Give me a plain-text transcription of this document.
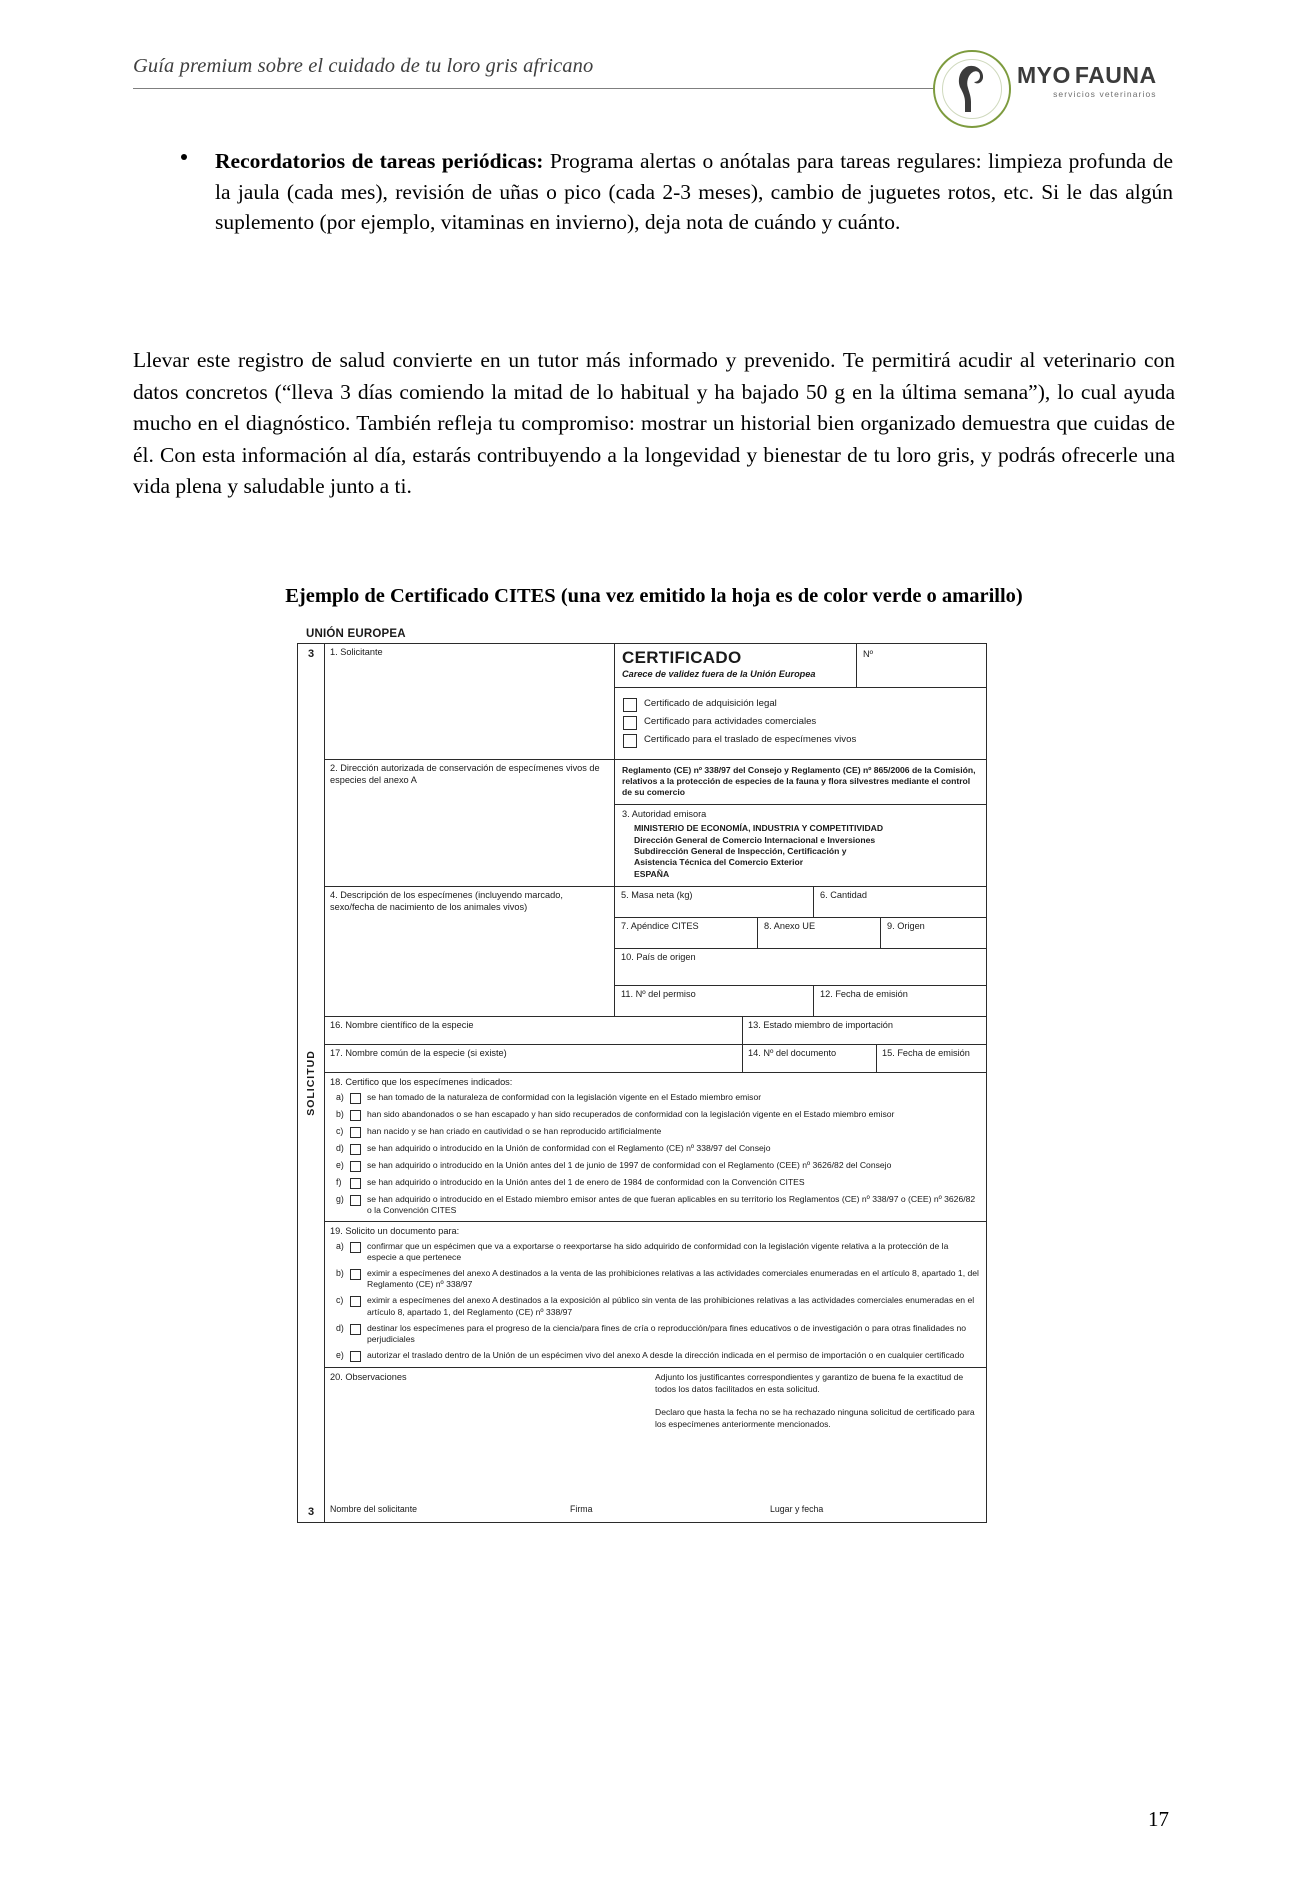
Guía premium sobre el cuidado de tu loro gris africano	MYO FAUNA
servicios veterinarios
Recordatorios de tareas periódicas: Programa alertas o anótalas para tareas regulares: limpieza profunda de la jaula (cada mes), revisión de uñas o pico (cada 2-3 meses), cambio de juguetes rotos, etc. Si le das algún suplemento (por ejemplo, vitaminas en invierno), deja nota de cuándo y cuánto.
Llevar este registro de salud convierte en un tutor más informado y prevenido. Te permitirá acudir al veterinario con datos concretos (“lleva 3 días comiendo la mitad de lo habitual y ha bajado 50 g en la última semana”), lo cual ayuda mucho en el diagnóstico. También refleja tu compromiso: mostrar un historial bien organizado demuestra que cuidas de él. Con esta información al día, estarás contribuyendo a la longevidad y bienestar de tu loro gris, y podrás ofrecerle una vida plena y saludable junto a ti.
Ejemplo de Certificado CITES (una vez emitido la hoja es de color verde o amarillo)
UNIÓN EUROPEA
3
SOLICITUD
3
1. Solicitante	CERTIFICADO
Carece de validez fuera de la Unión Europea
Nº
Certificado de adquisición legal
Certificado para actividades comerciales
Certificado para el traslado de especímenes vivos
2. Dirección autorizada de conservación de especímenes vivos de especies del anexo A
Reglamento (CE) nº 338/97 del Consejo y Reglamento (CE) nº 865/2006 de la Comisión, relativos a la protección de especies de la fauna y flora silvestres mediante el control de su comercio
3. Autoridad emisora
MINISTERIO DE ECONOMÍA, INDUSTRIA Y COMPETITIVIDAD
Dirección General de Comercio Internacional e Inversiones
Subdirección General de Inspección, Certificación y
Asistencia Técnica del Comercio Exterior
ESPAÑA
4. Descripción de los especímenes (incluyendo marcado, sexo/fecha de nacimiento de los animales vivos)
5. Masa neta (kg)	6. Cantidad
7. Apéndice CITES	8. Anexo UE	9. Origen
10. País de origen
11. Nº del permiso	12. Fecha de emisión
16. Nombre científico de la especie	13. Estado miembro de importación
17. Nombre común de la especie (si existe)	14. Nº del documento	15. Fecha de emisión
18. Certifico que los especímenes indicados:
a)	se han tomado de la naturaleza de conformidad con la legislación vigente en el Estado miembro emisor
b)	han sido abandonados o se han escapado y han sido recuperados de conformidad con la legislación vigente en el Estado miembro emisor
c)	han nacido y se han criado en cautividad o se han reproducido artificialmente
d)	se han adquirido o introducido en la Unión de conformidad con el Reglamento (CE) nº 338/97 del Consejo
e)	se han adquirido o introducido en la Unión antes del 1 de junio de 1997 de conformidad con el Reglamento (CEE) nº 3626/82 del Consejo
f)	se han adquirido o introducido en la Unión antes del 1 de enero de 1984 de conformidad con la Convención CITES
g)	se han adquirido o introducido en el Estado miembro emisor antes de que fueran aplicables en su territorio los Reglamentos (CE) nº 338/97 o (CEE) nº 3626/82 o la Convención CITES
19. Solicito un documento para:
a)	confirmar que un espécimen que va a exportarse o reexportarse ha sido adquirido de conformidad con la legislación vigente relativa a la protección de la especie a que pertenece
b)	eximir a especímenes del anexo A destinados a la venta de las prohibiciones relativas a las actividades comerciales enumeradas en el artículo 8, apartado 1, del Reglamento (CE) nº 338/97
c)	eximir a especímenes del anexo A destinados a la exposición al público sin venta de las prohibiciones relativas a las actividades comerciales enumeradas en el artículo 8, apartado 1, del Reglamento (CE) nº 338/97
d)	destinar los especímenes para el progreso de la ciencia/para fines de cría o reproducción/para fines educativos o de investigación o para otras finalidades no perjudiciales
e)	autorizar el traslado dentro de la Unión de un espécimen vivo del anexo A desde la dirección indicada en el permiso de importación o en cualquier certificado
20. Observaciones	Adjunto los justificantes correspondientes y garantizo de buena fe la exactitud de todos los datos facilitados en esta solicitud.
Declaro que hasta la fecha no se ha rechazado ninguna solicitud de certificado para los especímenes anteriormente mencionados.
Nombre del solicitante	Firma	Lugar y fecha
17
